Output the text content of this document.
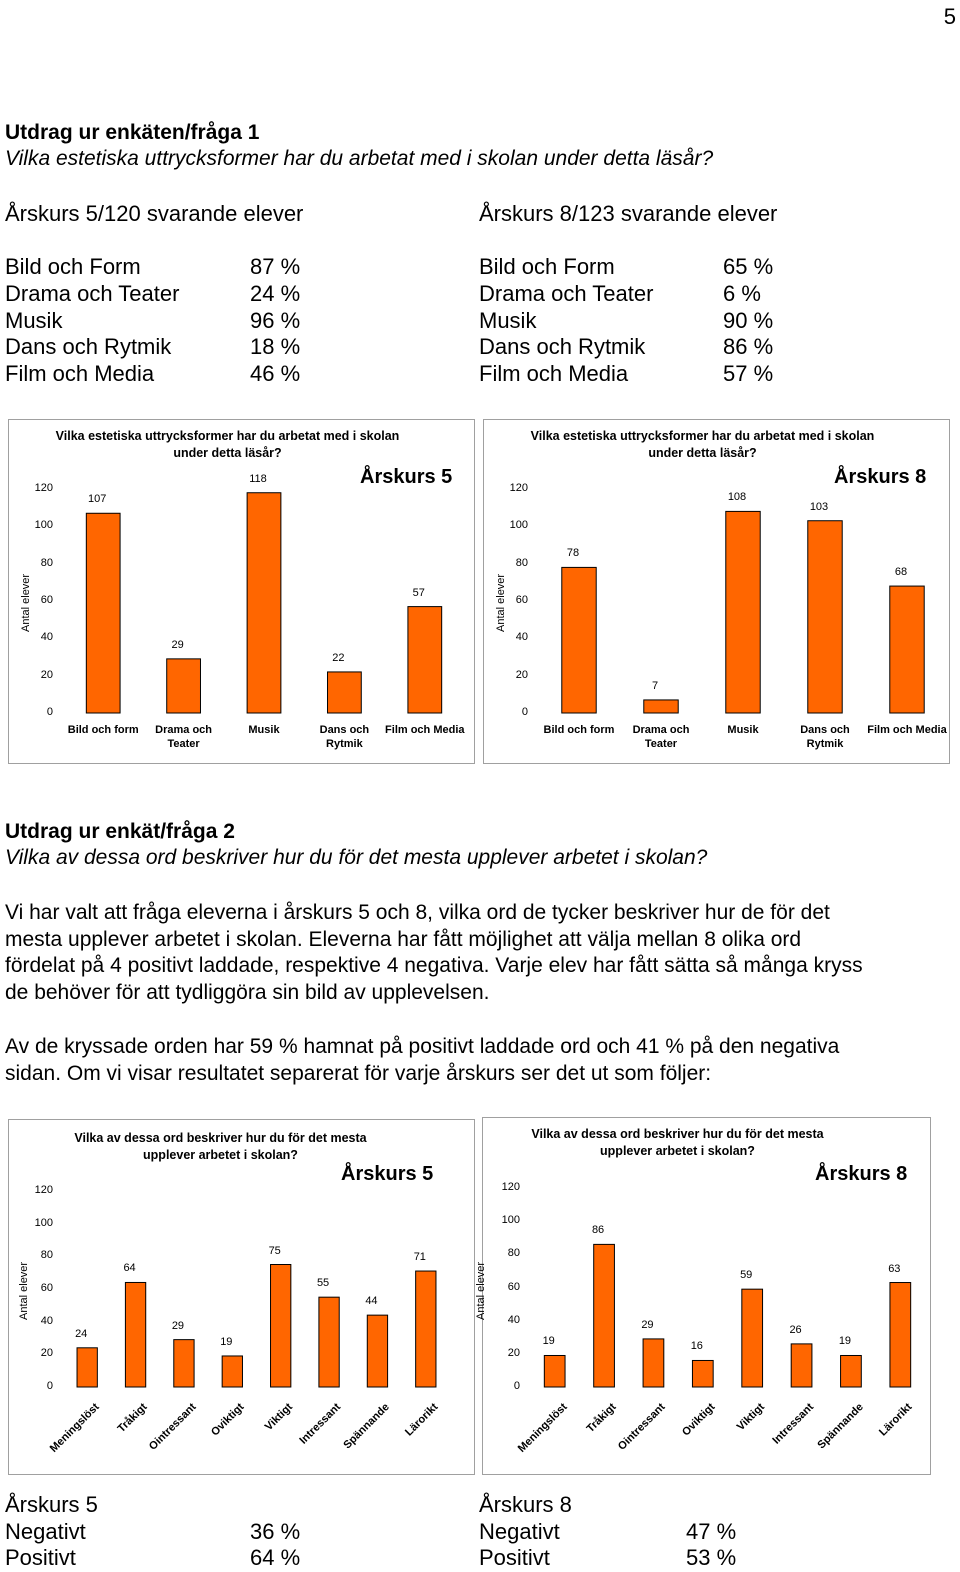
5
Utdrag ur enkäten/fråga 1
Vilka estetiska uttrycksformer har du arbetat med i skolan under detta läsår?
Årskurs 5/120 svarande elever	Årskurs 8/123 svarande elever
Bild och Form	87 %
Drama och Teater	24 %
Musik	96 %
Dans och Rytmik	18 %
Film och Media	46 %
Bild och Form	65 %
Drama och Teater	6 %
Musik	90 %
Dans och Rytmik	86 %
Film och Media	57 %
Vilka estetiska uttrycksformer har du arbetat med i skolan under detta läsår?
Årskurs 5
Antal elever
0
20
40
60
80
100
120
107
Bild och form
29
Drama och Teater
118
Musik
22
Dans och Rytmik
57
Film och Media
Vilka estetiska uttrycksformer har du arbetat med i skolan under detta läsår?
Årskurs 8
Antal elever
0
20
40
60
80
100
120
78
Bild och form
7
Drama och Teater
108
Musik
103
Dans och Rytmik
68
Film och Media
Vilka av dessa ord beskriver hur du för det mesta upplever arbetet i skolan?
Årskurs 5
Antal elever
0
20
40
60
80
100
120
24
Meningslöst
64
Tråkigt
29
Ointressant
19
Oviktigt
75
Viktigt
55
Intressant
44
Spännande
71
Lärorikt
Vilka av dessa ord beskriver hur du för det mesta upplever arbetet i skolan?
Årskurs 8
Antal elever
0
20
40
60
80
100
120
19
Meningslöst
86
Tråkigt
29
Ointressant
16
Oviktigt
59
Viktigt
26
Intressant
19
Spännande
63
Lärorikt
Utdrag ur enkät/fråga 2
Vilka av dessa ord beskriver hur du för det mesta upplever arbetet i skolan?
Vi har valt att fråga eleverna i årskurs 5 och 8, vilka ord de tycker beskriver hur de för det
mesta upplever arbetet i skolan. Eleverna har fått möjlighet att välja mellan 8 olika ord
fördelat på 4 positivt laddade, respektive 4 negativa. Varje elev har fått sätta så många kryss
de behöver för att tydliggöra sin bild av upplevelsen.
Av de kryssade orden har 59 % hamnat på positivt laddade ord och 41 % på den negativa
sidan. Om vi visar resultatet separerat för varje årskurs ser det ut som följer:
Årskurs 5
Negativt	36 %
Positivt	64 %
Årskurs 8
Negativt	47 %
Positivt	53 %
